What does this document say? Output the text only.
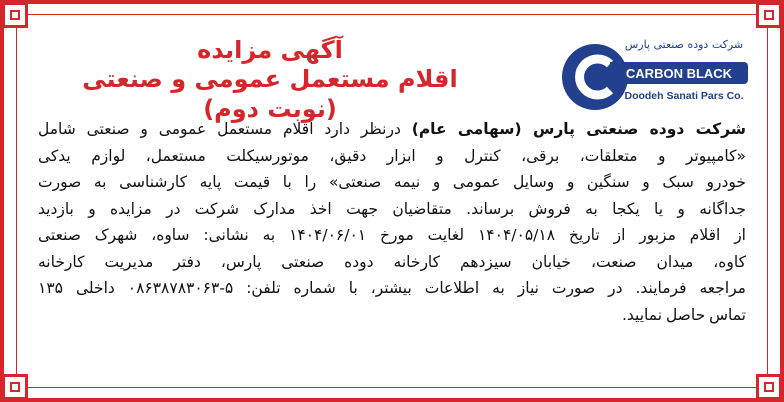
شرکت دوده صنعتی پارس
CARBON BLACK
Doodeh Sanati Pars Co.
آگهی مزایده
اقلام مستعمل عمومی و صنعتی (نوبت دوم)
شرکت دوده صنعتی پارس (سهامی عام) درنظر دارد اقلام مستعمل عمومی و صنعتی شامل
«کامپیوتر و متعلقات، برقی، کنترل و ابزار دقیق، موتورسیکلت مستعمل، لوازم یدکی
خودرو سبک و سنگین و وسایل عمومی و نیمه صنعتی» را با قیمت پایه کارشناسی به صورت
جداگانه و یا یکجا به فروش برساند. متقاضیان جهت اخذ مدارک شرکت در مزایده و بازدید
از اقلام مزبور از تاریخ ۱۴۰۴/۰۵/۱۸ لغایت مورخ ۱۴۰۴/۰۶/۰۱ به نشانی: ساوه، شهرک صنعتی
کاوه، میدان صنعت، خیابان سیزدهم کارخانه دوده صنعتی پارس، دفتر مدیریت کارخانه
مراجعه فرمایند. در صورت نیاز به اطلاعات بیشتر، با شماره تلفن: ۵-۰۸۶۳۸۷۸۳۰۶۳ داخلی ۱۳۵
تماس حاصل نمایید.
